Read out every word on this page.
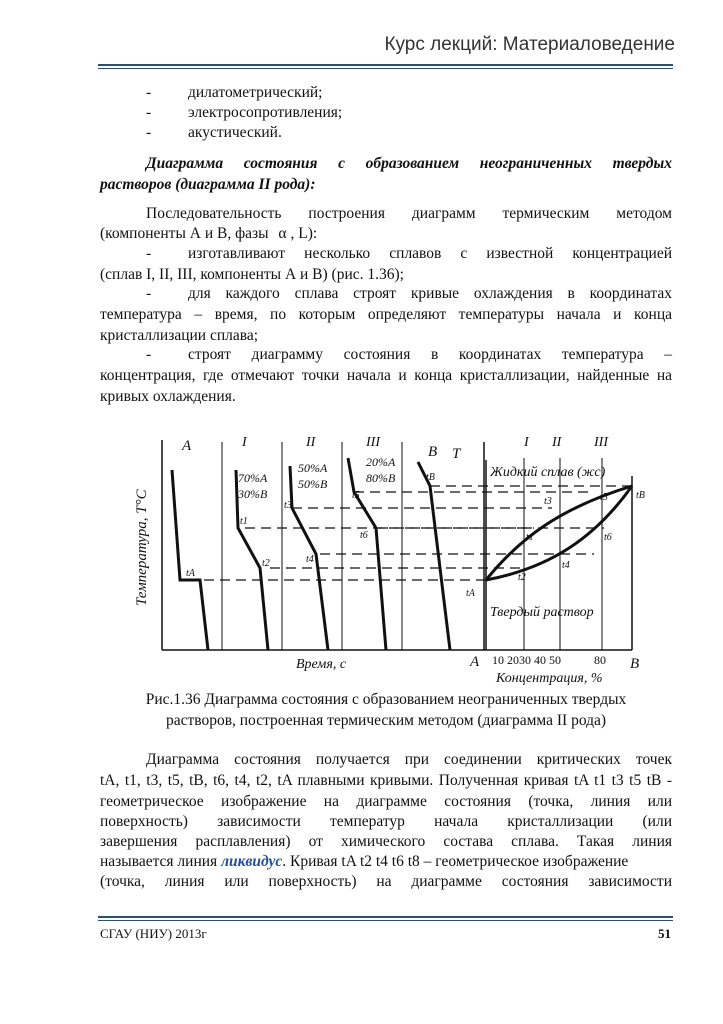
Курс лекций: Материаловедение
- дилатометрический;
- электросопротивления;
- акустический.
Диаграмма состояния с образованием неограниченных твердых
растворов (диаграмма II рода):
Последовательность построения диаграмм термическим методом
(компоненты А и В, фазы α , L):
- изготавливают несколько сплавов с известной концентрацией
(сплав I, II, III, компоненты А и В) (рис. 1.36);
- для каждого сплава строят кривые охлаждения в координатах
температура – время, по которым определяют температуры начала и конца кристаллизации сплава;
- строят диаграмму состояния в координатах температура –
концентрация, где отмечают точки начала и конца кристаллизации, найденные на кривых охлаждения.
A	I	II	III
B T
70%A
30%B
50%A
50%B
20%A
80%B
tA
t1
t2
t3
t4
t5
t6
tB
tA
t1
t2
t3
t4
t5
t6
tB
I II III
Жидкий сплав (жс)
Твердый раствор
Время, с	A	B
Концентрация, %
10 2030 40 50	80
Температура, T°C
Рис.1.36 Диаграмма состояния с образованием неограниченных твердых
растворов, построенная термическим методом (диаграмма II рода)
Диаграмма состояния получается при соединении критических точек
tA, t1, t3, t5, tB, t6, t4, t2, tA плавными кривыми. Полученная кривая tA t1 t3 t5 tB -
геометрическое изображение на диаграмме состояния (точка, линия или
поверхность) зависимости температур начала кристаллизации (или
завершения расплавления) от химического состава сплава. Такая линия
называется линия ликвидус. Кривая tA t2 t4 t6 t8 – геометрическое изображение
(точка, линия или поверхность) на диаграмме состояния зависимости
СГАУ (НИУ) 2013г	51
